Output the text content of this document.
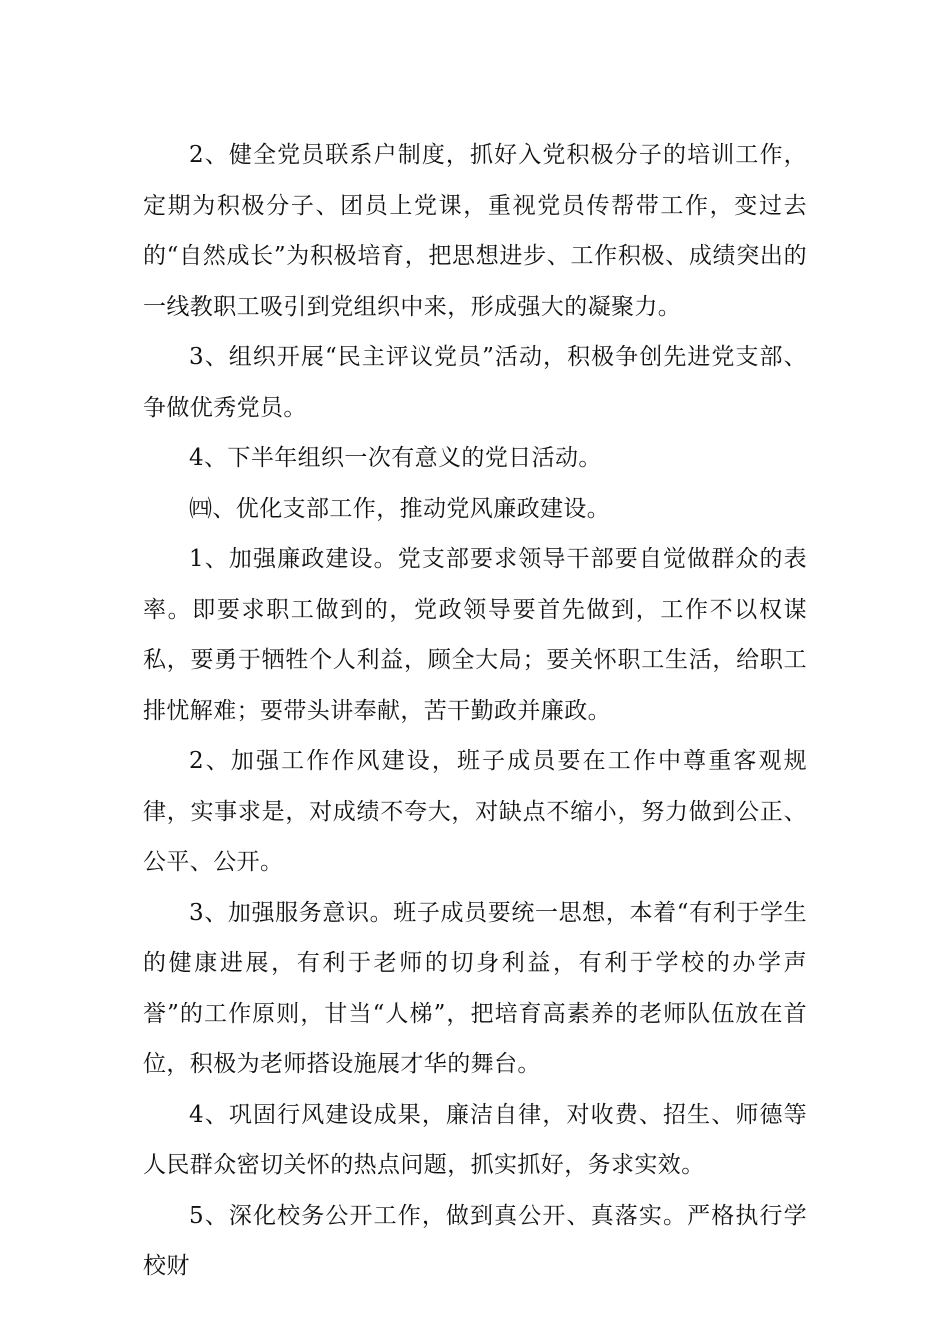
2、健全党员联系户制度，抓好入党积极分子的培训工作，定期为积极分子、团员上党课，重视党员传帮带工作，变过去的“自然成长”为积极培育，把思想进步、工作积极、成绩突出的一线教职工吸引到党组织中来，形成强大的凝聚力。

3、组织开展“民主评议党员”活动，积极争创先进党支部、争做优秀党员。

4、下半年组织一次有意义的党日活动。

㈣、优化支部工作，推动党风廉政建设。

1、加强廉政建设。党支部要求领导干部要自觉做群众的表率。即要求职工做到的，党政领导要首先做到，工作不以权谋私，要勇于牺牲个人利益，顾全大局；要关怀职工生活，给职工排忧解难；要带头讲奉献，苦干勤政并廉政。

2、加强工作作风建设，班子成员要在工作中尊重客观规律，实事求是，对成绩不夸大，对缺点不缩小，努力做到公正、公平、公开。

3、加强服务意识。班子成员要统一思想，本着“有利于学生的健康进展，有利于老师的切身利益，有利于学校的办学声誉”的工作原则，甘当“人梯”，把培育高素养的老师队伍放在首位，积极为老师搭设施展才华的舞台。

4、巩固行风建设成果，廉洁自律，对收费、招生、师德等人民群众密切关怀的热点问题，抓实抓好，务求实效。

5、深化校务公开工作，做到真公开、真落实。严格执行学校财
